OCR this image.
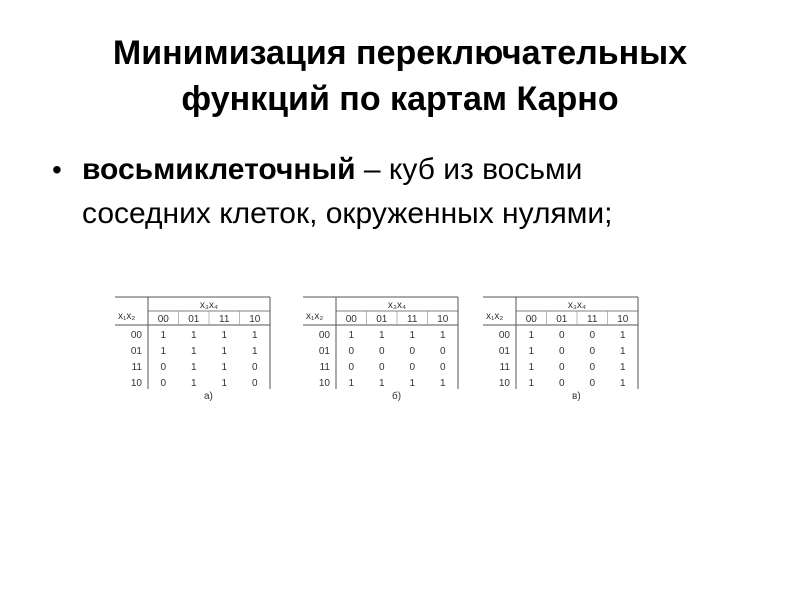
Минимизация переключательных
функций по картам Карно
• восьмиклеточный – куб из восьми
соседних клеток, окруженных нулями;
x₃x₄
x₁x₂ 00 01 11 10
00 1 1 1 1
01 1 1 1 1
11 0 1 1 0
10 0 1 1 0
а)
x₃x₄
x₁x₂ 00 01 11 10
00 1 1 1 1
01 0 0 0 0
11 0 0 0 0
10 1 1 1 1
б)
x₃x₄
x₁x₂ 00 01 11 10
00 1 0 0 1
01 1 0 0 1
11 1 0 0 1
10 1 0 0 1
в)
